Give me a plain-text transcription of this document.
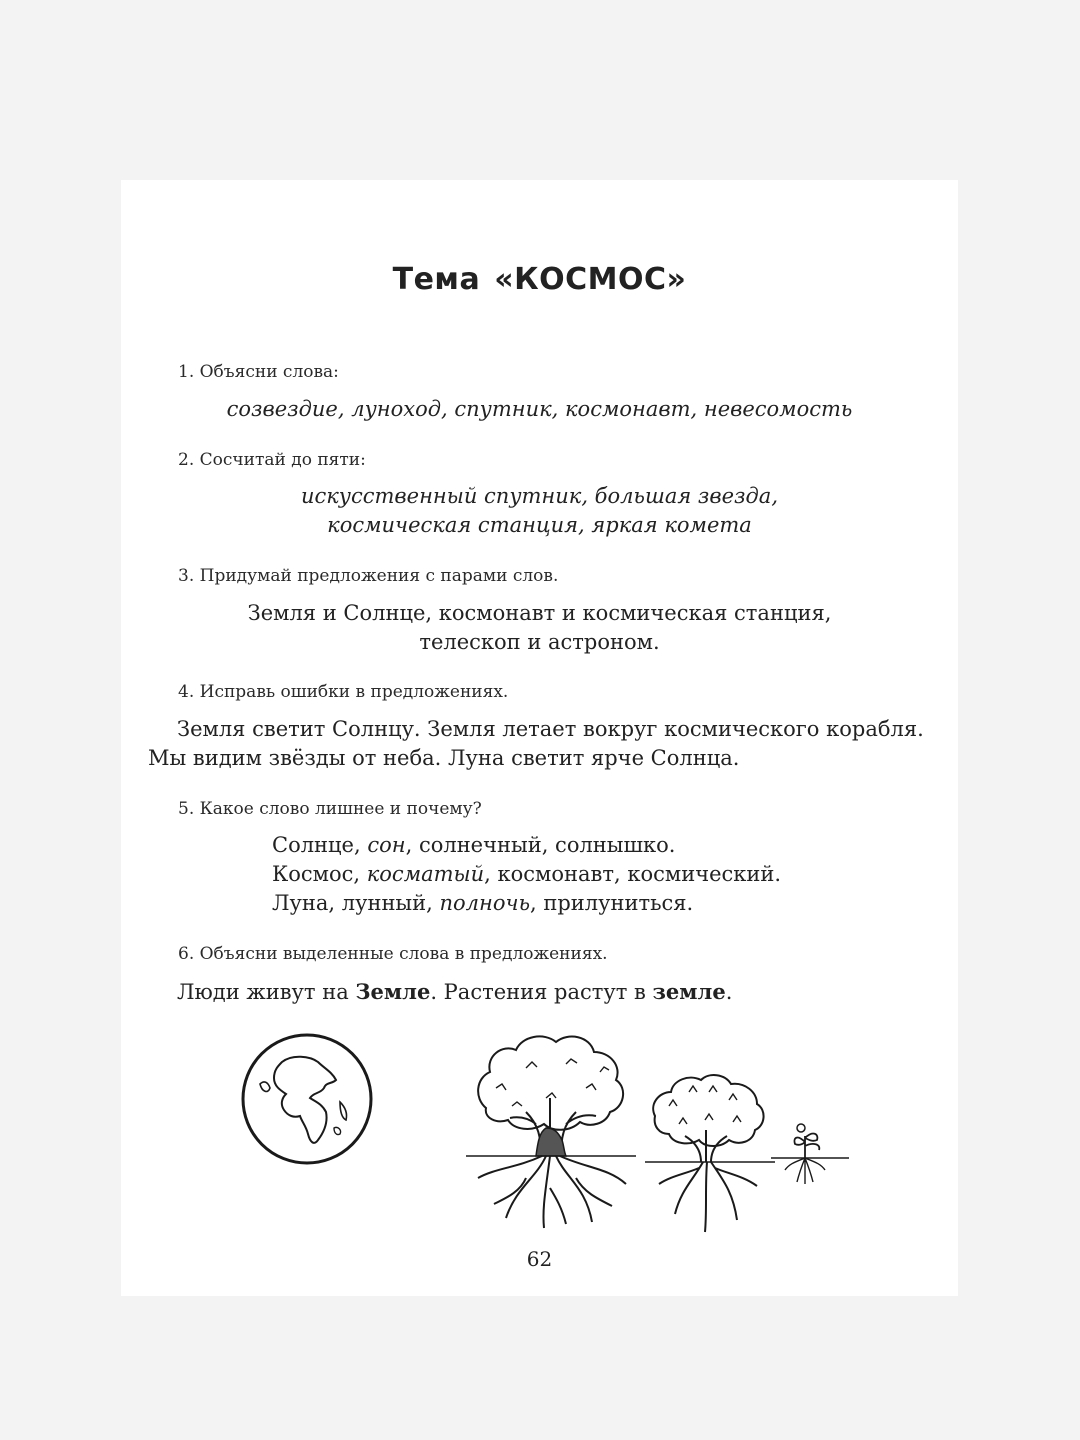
Тема «КОСМОС»
1. Объясни слова:
созвездие, луноход, спутник, космонавт, невесомость
2. Сосчитай до пяти:
искусственный спутник, большая звезда,
космическая станция, яркая комета
3. Придумай предложения с парами слов.
Земля и Солнце, космонавт и космическая станция,
телескоп и астроном.
4. Исправь ошибки в предложениях.
Земля светит Солнцу. Земля летает вокруг космического корабля.
Мы видим звёзды от неба. Луна светит ярче Солнца.
5. Какое слово лишнее и почему?
Солнце, сон, солнечный, солнышко.
Космос, косматый, космонавт, космический.
Луна, лунный, полночь, прилуниться.
6. Объясни выделенные слова в предложениях.
Люди живут на Земле. Растения растут в земле.
62
